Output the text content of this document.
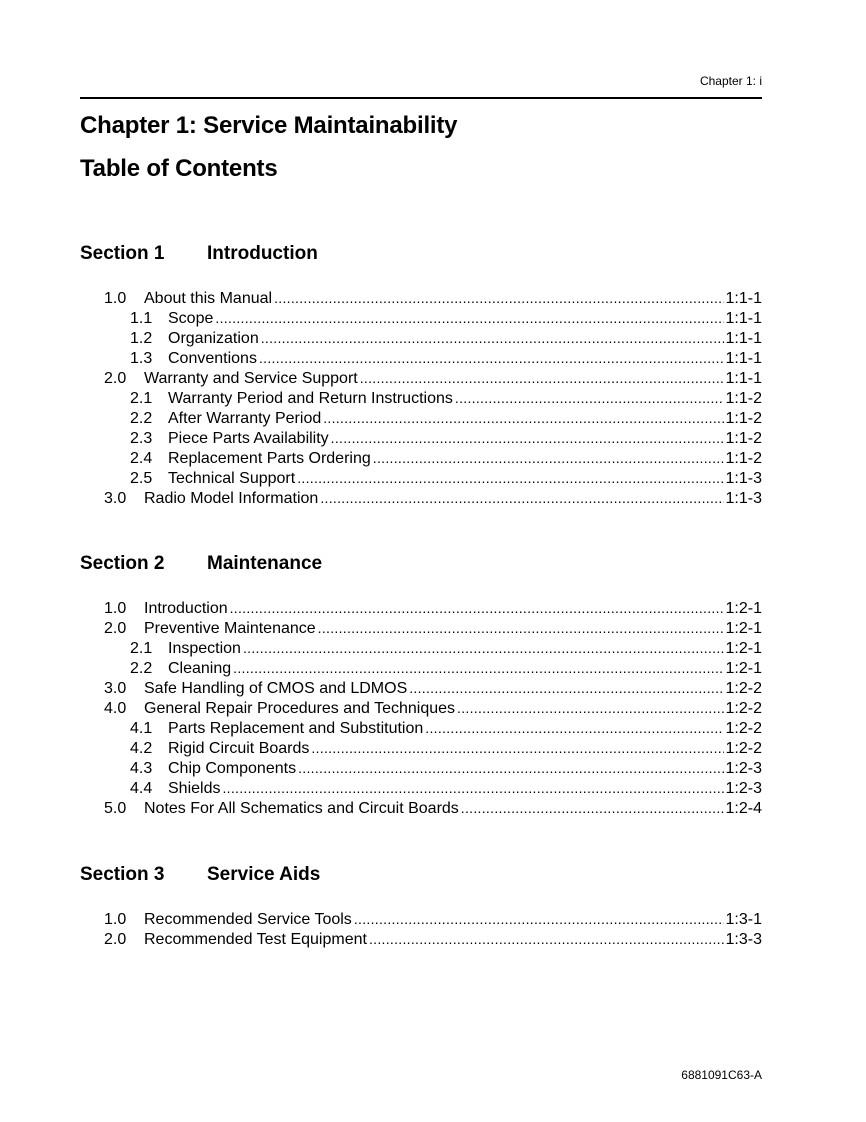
Chapter 1: i
Chapter 1: Service Maintainability
Table of Contents
Section 1	Introduction
1.0	About this Manual .....	1:1-1
1.1 Scope .....	1:1-1
1.2 Organization .....	1:1-1
1.3 Conventions .....	1:1-1
2.0	Warranty and Service Support .....	1:1-1
2.1 Warranty Period and Return Instructions .....	1:1-2
2.2 After Warranty Period .....	1:1-2
2.3 Piece Parts Availability .....	1:1-2
2.4 Replacement Parts Ordering .....	1:1-2
2.5 Technical Support .....	1:1-3
3.0	Radio Model Information .....	1:1-3
Section 2	Maintenance
1.0	Introduction .....	1:2-1
2.0	Preventive Maintenance .....	1:2-1
2.1 Inspection .....	1:2-1
2.2 Cleaning .....	1:2-1
3.0	Safe Handling of CMOS and LDMOS .....	1:2-2
4.0	General Repair Procedures and Techniques .....	1:2-2
4.1 Parts Replacement and Substitution .....	1:2-2
4.2 Rigid Circuit Boards .....	1:2-2
4.3 Chip Components .....	1:2-3
4.4 Shields .....	1:2-3
5.0	Notes For All Schematics and Circuit Boards .....	1:2-4
Section 3	Service Aids
1.0	Recommended Service Tools .....	1:3-1
2.0	Recommended Test Equipment .....	1:3-3
6881091C63-A
